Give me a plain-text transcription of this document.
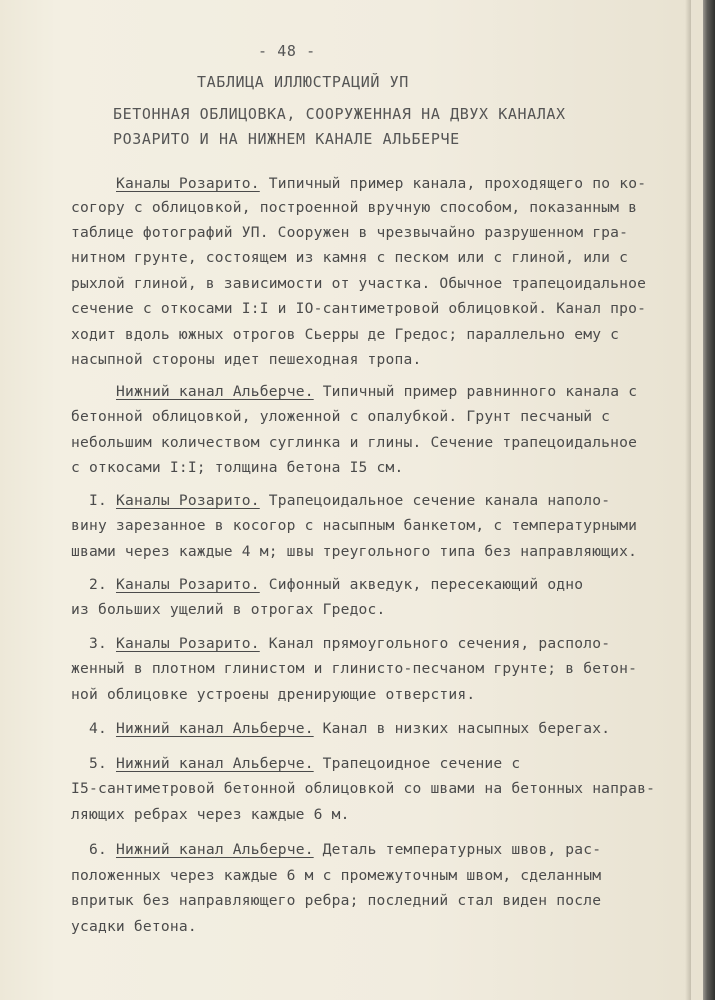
- 48 -
ТАБЛИЦА ИЛЛЮСТРАЦИЙ УП
БЕТОННАЯ ОБЛИЦОВКА, СООРУЖЕННАЯ НА ДВУХ КАНАЛАХ
РОЗАРИТО И НА НИЖНЕМ КАНАЛЕ АЛЬБЕРЧЕ
Каналы Розарито. Типичный пример канала, проходящего по ко-
согору с облицовкой, построенной вручную способом, показанным в
таблице фотографий УП. Сооружен в чрезвычайно разрушенном гра-
нитном грунте, состоящем из камня с песком или с глиной, или с
рыхлой глиной, в зависимости от участка. Обычное трапецоидальное
сечение с откосами I:I и IO-сантиметровой облицовкой. Канал про-
ходит вдоль южных отрогов Сьерры де Гредос; параллельно ему с
насыпной стороны идет пешеходная тропа.
Нижний канал Альберче. Типичный пример равнинного канала с
бетонной облицовкой, уложенной с опалубкой. Грунт песчаный с
небольшим количеством суглинка и глины. Сечение трапецоидальное
с откосами I:I; толщина бетона I5 см.
I. Каналы Розарито. Трапецоидальное сечение канала наполо-
вину зарезанное в косогор с насыпным банкетом, с температурными
швами через каждые 4 м; швы треугольного типа без направляющих.
2. Каналы Розарито. Сифонный акведук, пересекающий одно
из больших ущелий в отрогах Гредос.
3. Каналы Розарито. Канал прямоугольного сечения, располо-
женный в плотном глинистом и глинисто-песчаном грунте; в бетон-
ной облицовке устроены дренирующие отверстия.
4. Нижний канал Альберче. Канал в низких насыпных берегах.
5. Нижний канал Альберче. Трапецоидное сечение с
I5-сантиметровой бетонной облицовкой со швами на бетонных направ-
ляющих ребрах через каждые 6 м.
6. Нижний канал Альберче. Деталь температурных швов, рас-
положенных через каждые 6 м с промежуточным швом, сделанным
впритык без направляющего ребра; последний стал виден после
усадки бетона.
